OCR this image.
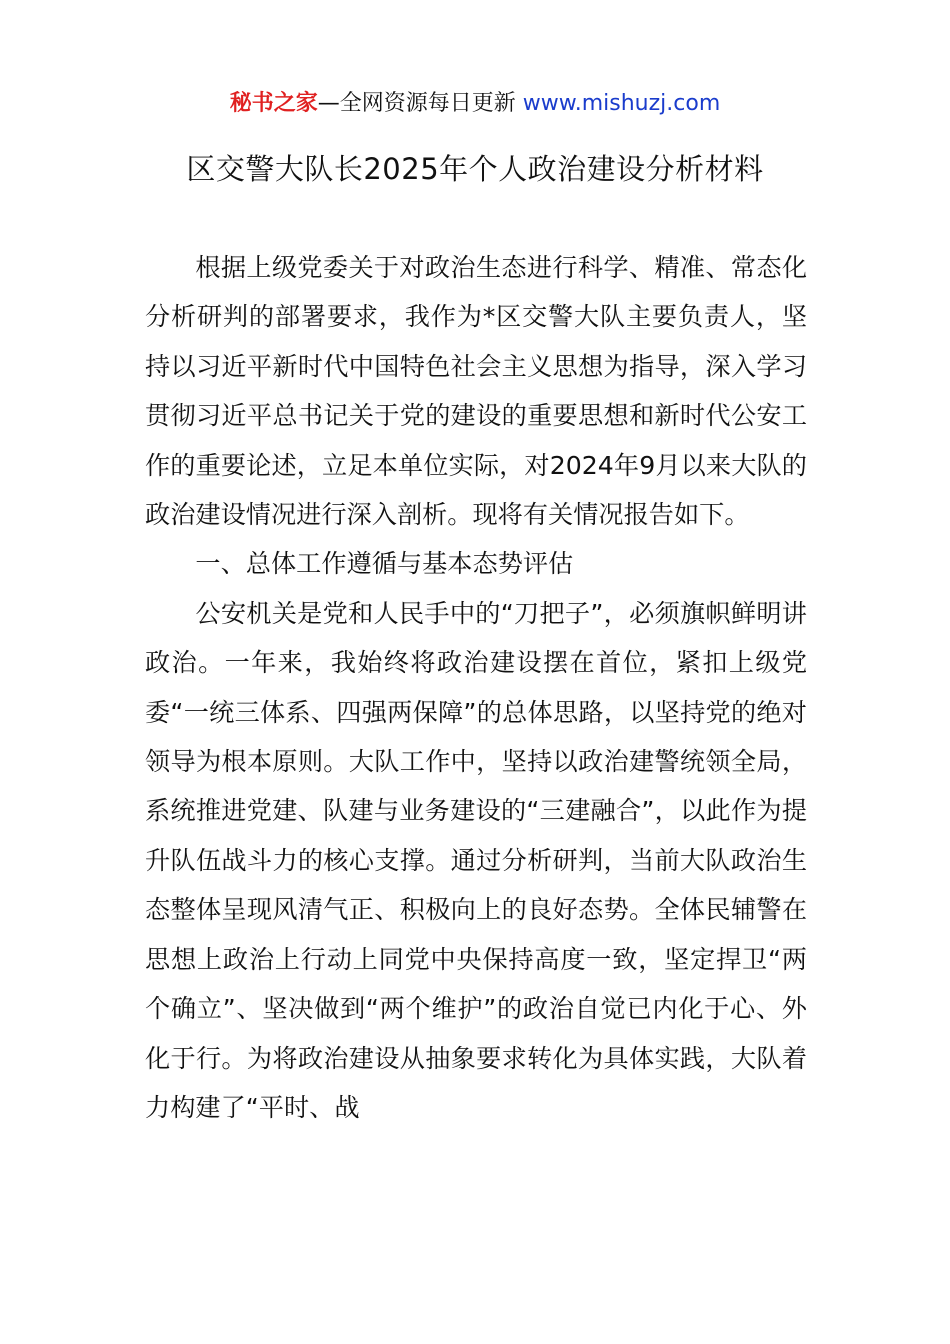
秘书之家—全网资源每日更新 www.mishuzj.com
区交警大队长2025年个人政治建设分析材料

根据上级党委关于对政治生态进行科学、精准、常态化分析研判的部署要求，我作为*区交警大队主要负责人，坚持以习近平新时代中国特色社会主义思想为指导，深入学习贯彻习近平总书记关于党的建设的重要思想和新时代公安工作的重要论述，立足本单位实际，对2024年9月以来大队的政治建设情况进行深入剖析。现将有关情况报告如下。

一、总体工作遵循与基本态势评估

公安机关是党和人民手中的“刀把子”，必须旗帜鲜明讲政治。一年来，我始终将政治建设摆在首位，紧扣上级党委“一统三体系、四强两保障”的总体思路，以坚持党的绝对领导为根本原则。大队工作中，坚持以政治建警统领全局，系统推进党建、队建与业务建设的“三建融合”，以此作为提升队伍战斗力的核心支撑。通过分析研判，当前大队政治生态整体呈现风清气正、积极向上的良好态势。全体民辅警在思想上政治上行动上同党中央保持高度一致，坚定捍卫“两个确立”、坚决做到“两个维护”的政治自觉已内化于心、外化于行。为将政治建设从抽象要求转化为具体实践，大队着力构建了“平时、战
